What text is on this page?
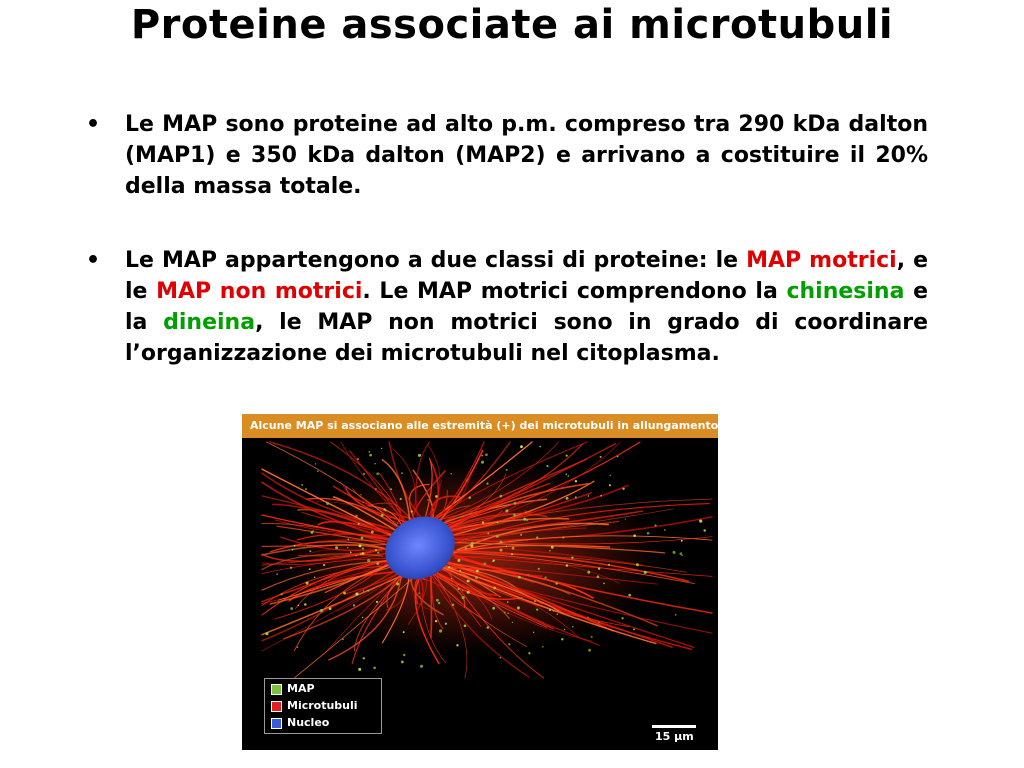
Proteine associate ai microtubuli
• Le MAP sono proteine ad alto p.m. compreso tra 290 kDa dalton (MAP1) e 350 kDa dalton (MAP2) e arrivano a costituire il 20% della massa totale.
• Le MAP appartengono a due classi di proteine: le MAP motrici, e le MAP non motrici. Le MAP motrici comprendono la chinesina e la dineina, le MAP non motrici sono in grado di coordinare l’organizzazione dei microtubuli nel citoplasma.
Alcune MAP si associano alle estremità (+) dei microtubuli in allungamento
MAP
Microtubuli
Nucleo
15 µm
